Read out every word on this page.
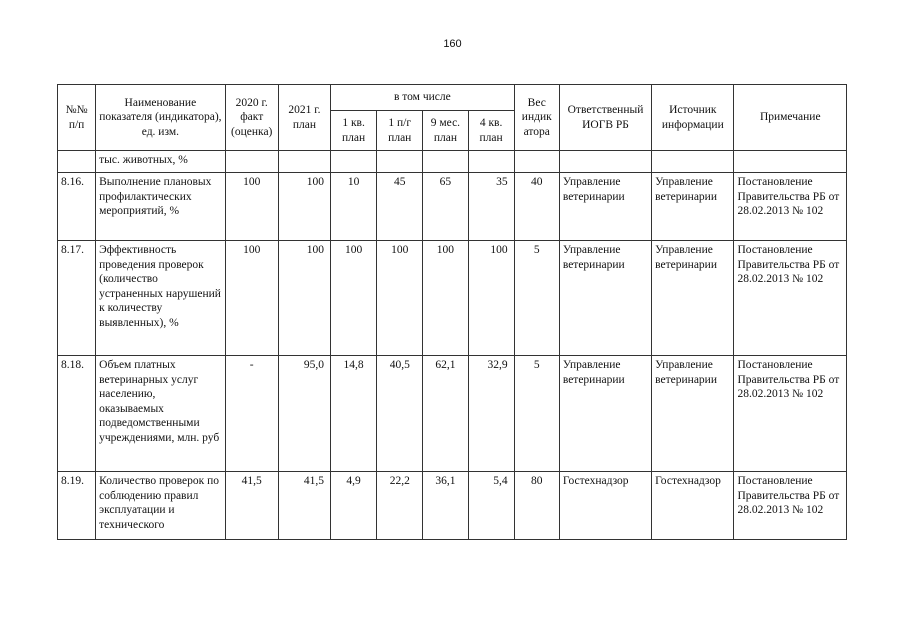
160
№№ п/п	Наименование показателя (индикатора), ед. изм.	2020 г. факт (оценка)	2021 г. план	в том числе				Вес индик атора	Ответственный ИОГВ РБ	Источник информации	Примечание
				1 кв. план	1 п/г план	9 мес. план	4 кв. план				
	тыс. животных, %										
8.16.	Выполнение плановых профилактических мероприятий, %	100	100	10	45	65	35	40	Управление ветеринарии	Управление ветеринарии	Постановление Правительства РБ от 28.02.2013 № 102
8.17.	Эффективность проведения проверок (количество устраненных нарушений к количеству выявленных), %	100	100	100	100	100	100	5	Управление ветеринарии	Управление ветеринарии	Постановление Правительства РБ от 28.02.2013 № 102
8.18.	Объем платных ветеринарных услуг населению, оказываемых подведомственными учреждениями, млн. руб	-	95,0	14,8	40,5	62,1	32,9	5	Управление ветеринарии	Управление ветеринарии	Постановление Правительства РБ от 28.02.2013 № 102
8.19.	Количество проверок по соблюдению правил эксплуатации и технического	41,5	41,5	4,9	22,2	36,1	5,4	80	Гостехнадзор	Гостехнадзор	Постановление Правительства РБ от 28.02.2013 № 102
